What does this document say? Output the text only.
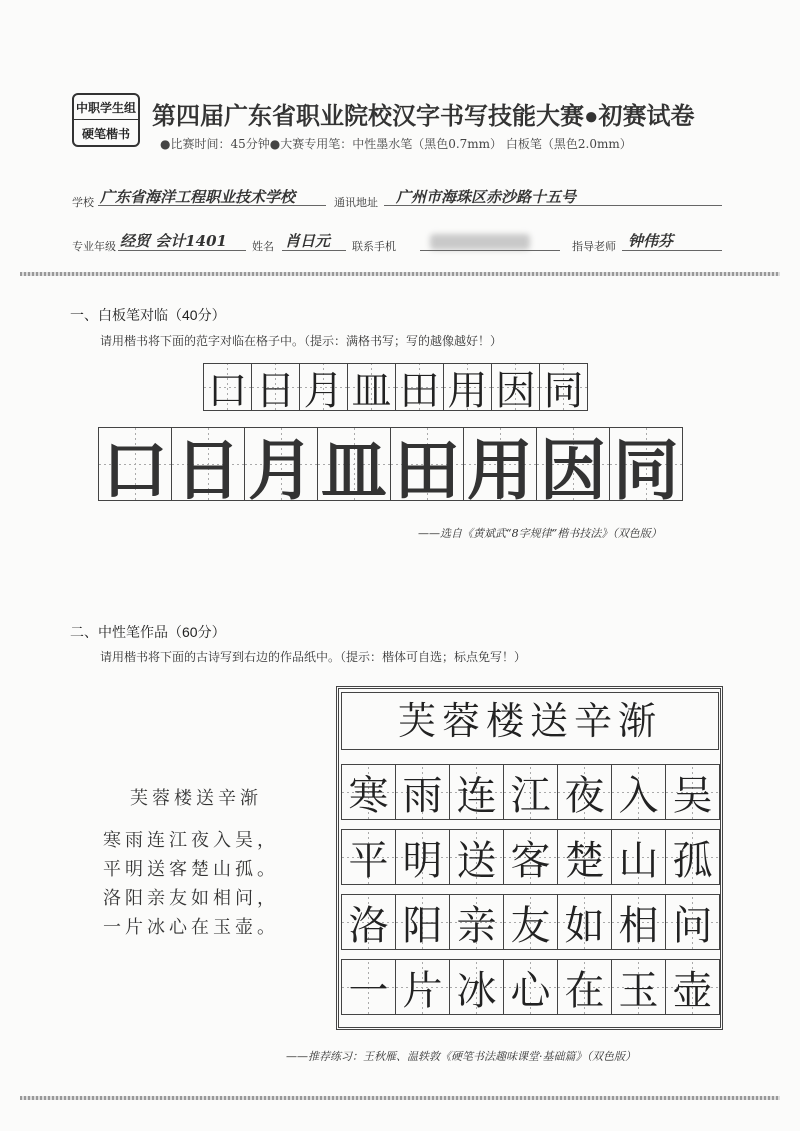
中职学生组
硬笔楷书
第四届广东省职业院校汉字书写技能大赛●初赛试卷
●比赛时间：45分钟●大赛专用笔：中性墨水笔（黑色0.7mm） 白板笔（黑色2.0mm）
学校 广东省海洋工程职业技术学校	通讯地址 广州市海珠区赤沙路十五号
专业年级 经贸 会计1401 姓名 肖日元 联系手机	指导老师 钟伟芬
一、白板笔对临（40分）
请用楷书将下面的范字对临在格子中。（提示：满格书写；写的越像越好！）
口 日 月 皿 田 用 因 同
口 日 月 皿 田 用 因 同
——选自《黄斌武“8字规律”楷书技法》（双色版）
二、中性笔作品（60分）
请用楷书将下面的古诗写到右边的作品纸中。（提示：楷体可自选；标点免写！）
芙蓉楼送辛渐
寒雨连江夜入吴，
平明送客楚山孤。
洛阳亲友如相问，
一片冰心在玉壶。
芙蓉楼送辛渐
寒 雨 连 江 夜 入 吴
平 明 送 客 楚 山 孤
洛 阳 亲 友 如 相 问
一 片 冰 心 在 玉 壶
——推荐练习：王秋雁、温轶敦《硬笔书法趣味课堂·基础篇》（双色版）
